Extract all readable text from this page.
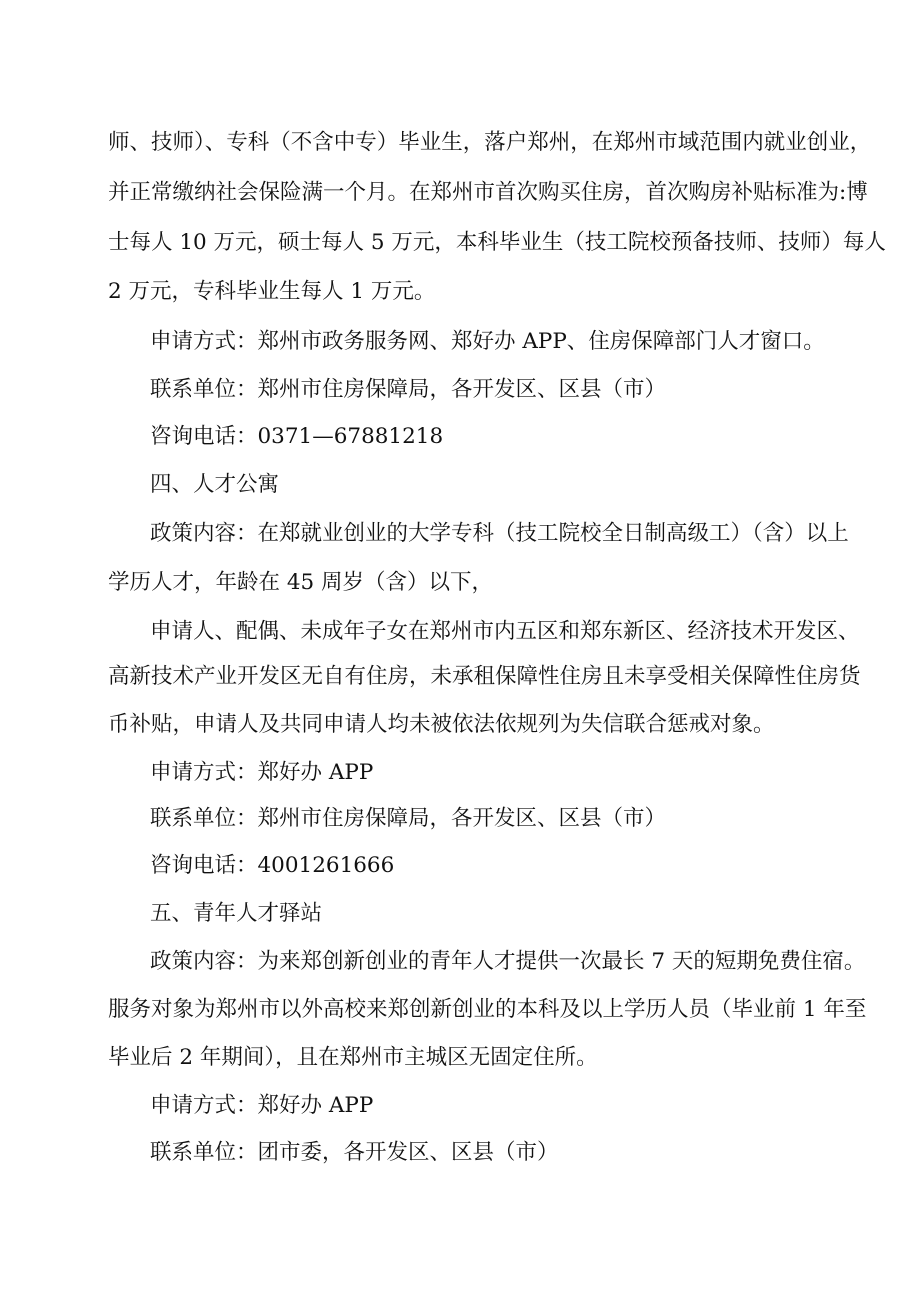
师、技师）、专科（不含中专）毕业生，落户郑州，在郑州市域范围内就业创业，
并正常缴纳社会保险满一个月。在郑州市首次购买住房，首次购房补贴标准为:博
士每人 10 万元，硕士每人 5 万元，本科毕业生（技工院校预备技师、技师）每人
2 万元，专科毕业生每人 1 万元。
申请方式：郑州市政务服务网、郑好办 APP、住房保障部门人才窗口。
联系单位：郑州市住房保障局，各开发区、区县（市）
咨询电话：0371—67881218
四、人才公寓
政策内容：在郑就业创业的大学专科（技工院校全日制高级工）（含）以上
学历人才，年龄在 45 周岁（含）以下，
申请人、配偶、未成年子女在郑州市内五区和郑东新区、经济技术开发区、
高新技术产业开发区无自有住房，未承租保障性住房且未享受相关保障性住房货
币补贴，申请人及共同申请人均未被依法依规列为失信联合惩戒对象。
申请方式：郑好办 APP
联系单位：郑州市住房保障局，各开发区、区县（市）
咨询电话：4001261666
五、青年人才驿站
政策内容：为来郑创新创业的青年人才提供一次最长 7 天的短期免费住宿。
服务对象为郑州市以外高校来郑创新创业的本科及以上学历人员（毕业前 1 年至
毕业后 2 年期间），且在郑州市主城区无固定住所。
申请方式：郑好办 APP
联系单位：团市委，各开发区、区县（市）
